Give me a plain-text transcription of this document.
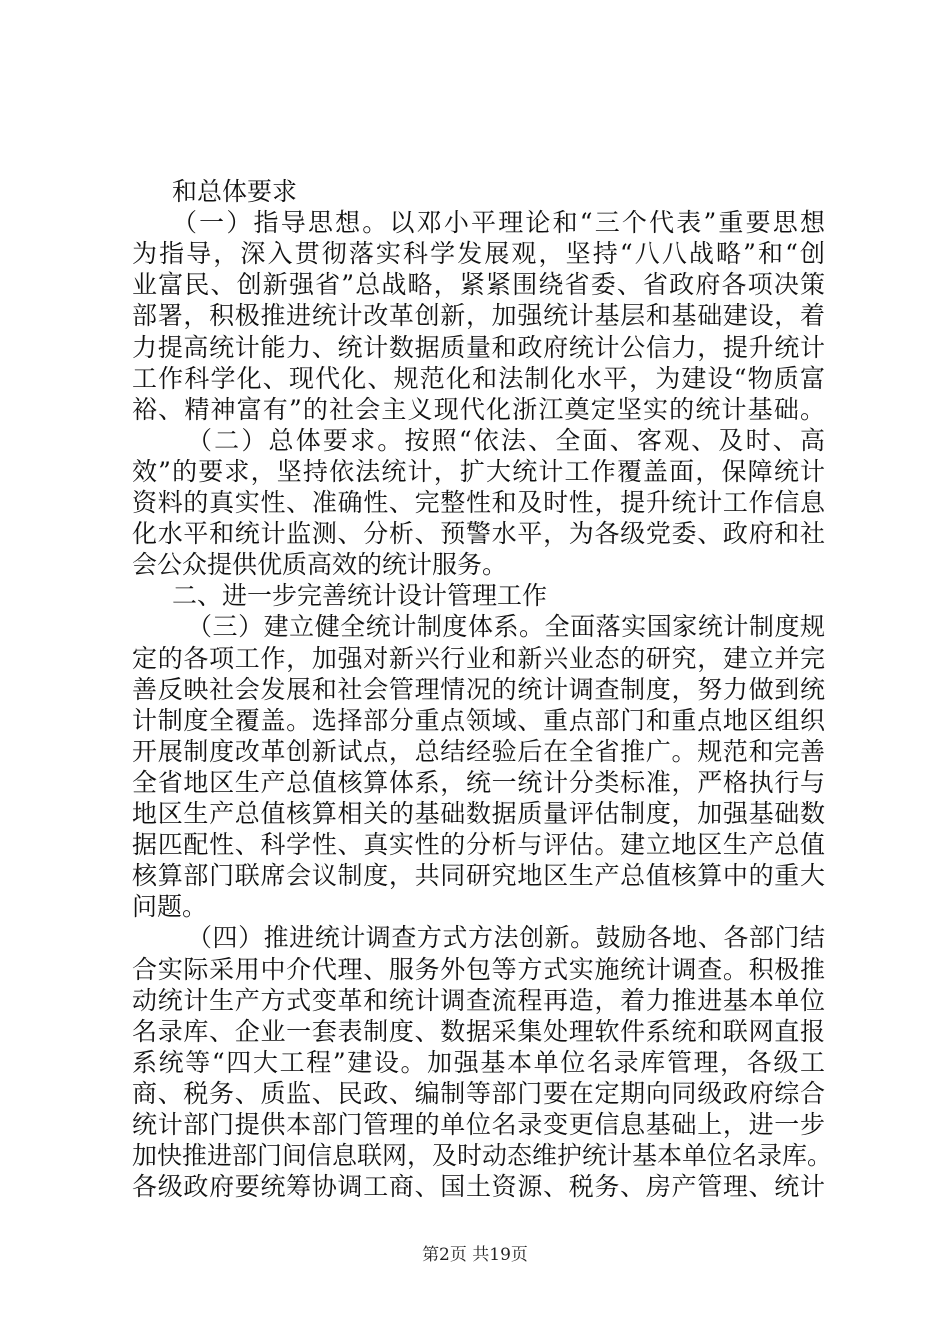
和总体要求
（一）指导思想。以邓小平理论和“三个代表”重要思想
为指导，深入贯彻落实科学发展观，坚持“八八战略”和“创
业富民、创新强省”总战略，紧紧围绕省委、省政府各项决策
部署，积极推进统计改革创新，加强统计基层和基础建设，着
力提高统计能力、统计数据质量和政府统计公信力，提升统计
工作科学化、现代化、规范化和法制化水平，为建设“物质富
裕、精神富有”的社会主义现代化浙江奠定坚实的统计基础。
（二）总体要求。按照“依法、全面、客观、及时、高
效”的要求，坚持依法统计，扩大统计工作覆盖面，保障统计
资料的真实性、准确性、完整性和及时性，提升统计工作信息
化水平和统计监测、分析、预警水平，为各级党委、政府和社
会公众提供优质高效的统计服务。
二、进一步完善统计设计管理工作
（三）建立健全统计制度体系。全面落实国家统计制度规
定的各项工作，加强对新兴行业和新兴业态的研究，建立并完
善反映社会发展和社会管理情况的统计调查制度，努力做到统
计制度全覆盖。选择部分重点领域、重点部门和重点地区组织
开展制度改革创新试点，总结经验后在全省推广。规范和完善
全省地区生产总值核算体系，统一统计分类标准，严格执行与
地区生产总值核算相关的基础数据质量评估制度，加强基础数
据匹配性、科学性、真实性的分析与评估。建立地区生产总值
核算部门联席会议制度，共同研究地区生产总值核算中的重大
问题。
（四）推进统计调查方式方法创新。鼓励各地、各部门结
合实际采用中介代理、服务外包等方式实施统计调查。积极推
动统计生产方式变革和统计调查流程再造，着力推进基本单位
名录库、企业一套表制度、数据采集处理软件系统和联网直报
系统等“四大工程”建设。加强基本单位名录库管理，各级工
商、税务、质监、民政、编制等部门要在定期向同级政府综合
统计部门提供本部门管理的单位名录变更信息基础上，进一步
加快推进部门间信息联网，及时动态维护统计基本单位名录库。
各级政府要统筹协调工商、国土资源、税务、房产管理、统计
第2页 共19页
